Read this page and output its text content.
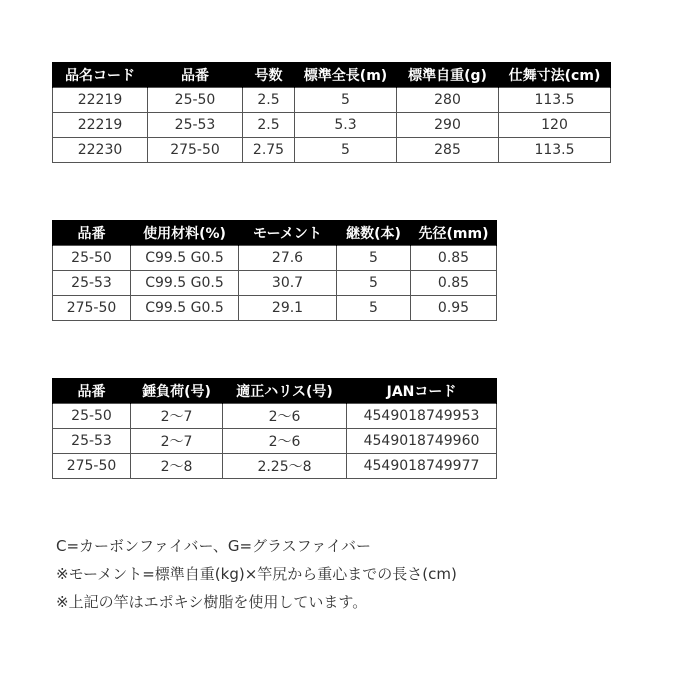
品名コード	品番	号数	標準全長(m)	標準自重(g)	仕舞寸法(cm)
22219	25-50	2.5	5	280	113.5
22219	25-53	2.5	5.3	290	120
22230	275-50	2.75	5	285	113.5
品番	使用材料(%)	モーメント	継数(本)	先径(mm)
25-50	C99.5 G0.5	27.6	5	0.85
25-53	C99.5 G0.5	30.7	5	0.85
275-50	C99.5 G0.5	29.1	5	0.95
品番	錘負荷(号)	適正ハリス(号)	JANコード
25-50	2〜7	2〜6	4549018749953
25-53	2〜7	2〜6	4549018749960
275-50	2〜8	2.25〜8	4549018749977
C=カーボンファイバー、G=グラスファイバー
※モーメント=標準自重(kg)×竿尻から重心までの長さ(cm)
※上記の竿はエポキシ樹脂を使用しています。
